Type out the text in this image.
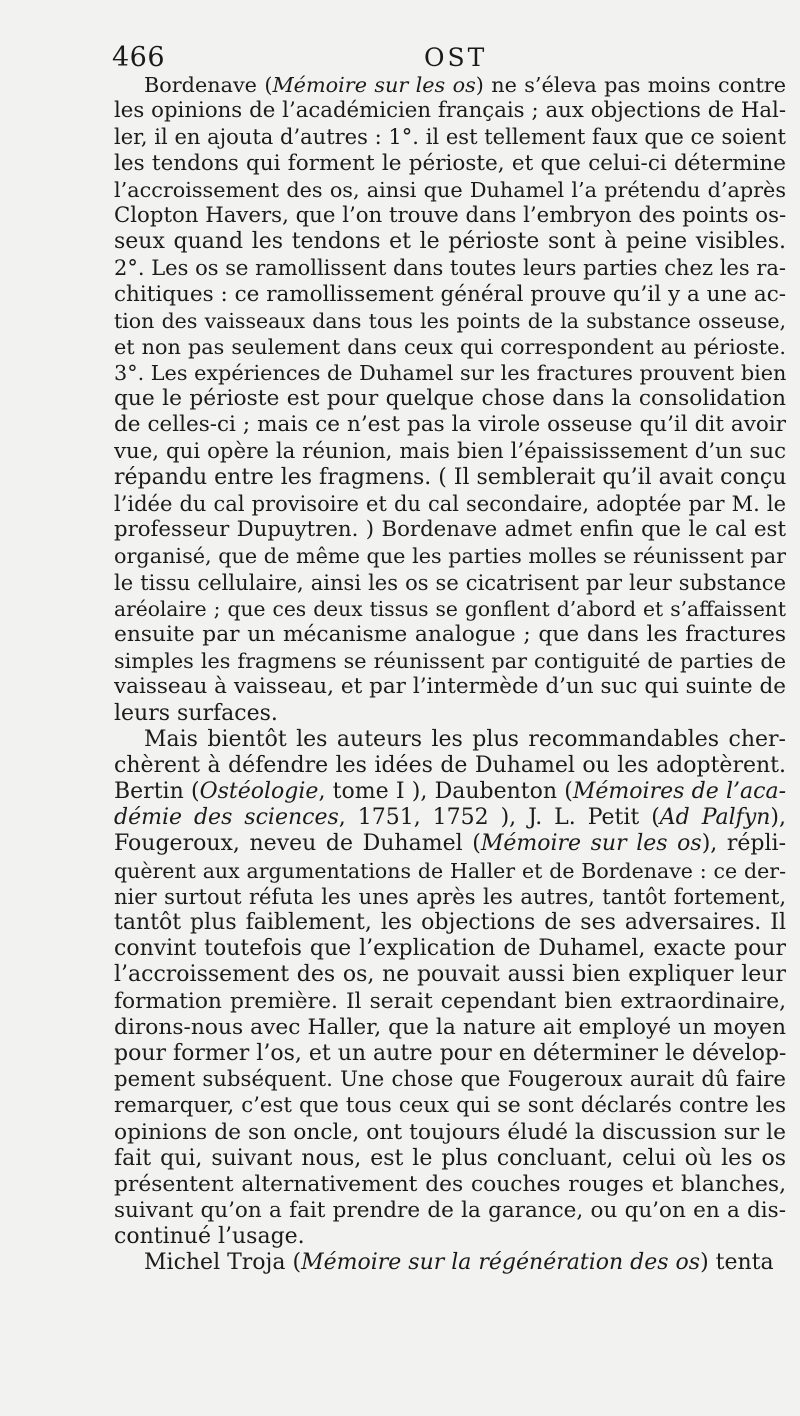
466	OST
Bordenave (Mémoire sur les os) ne s’éleva pas moins contre
les opinions de l’académicien français ; aux objections de Hal-
ler, il en ajouta d’autres : 1°. il est tellement faux que ce soient
les tendons qui forment le périoste, et que celui-ci détermine
l’accroissement des os, ainsi que Duhamel l’a prétendu d’après
Clopton Havers, que l’on trouve dans l’embryon des points os-
seux quand les tendons et le périoste sont à peine visibles.
2°. Les os se ramollissent dans toutes leurs parties chez les ra-
chitiques : ce ramollissement général prouve qu’il y a une ac-
tion des vaisseaux dans tous les points de la substance osseuse,
et non pas seulement dans ceux qui correspondent au périoste.
3°. Les expériences de Duhamel sur les fractures prouvent bien
que le périoste est pour quelque chose dans la consolidation
de celles-ci ; mais ce n’est pas la virole osseuse qu’il dit avoir
vue, qui opère la réunion, mais bien l’épaississement d’un suc
répandu entre les fragmens. ( Il semblerait qu’il avait conçu
l’idée du cal provisoire et du cal secondaire, adoptée par M. le
professeur Dupuytren. ) Bordenave admet enfin que le cal est
organisé, que de même que les parties molles se réunissent par
le tissu cellulaire, ainsi les os se cicatrisent par leur substance
aréolaire ; que ces deux tissus se gonflent d’abord et s’affaissent
ensuite par un mécanisme analogue ; que dans les fractures
simples les fragmens se réunissent par contiguité de parties de
vaisseau à vaisseau, et par l’intermède d’un suc qui suinte de
leurs surfaces.
Mais bientôt les auteurs les plus recommandables cher-
chèrent à défendre les idées de Duhamel ou les adoptèrent.
Bertin (Ostéologie, tome I ), Daubenton (Mémoires de l’aca-
démie des sciences, 1751, 1752 ), J. L. Petit (Ad Palfyn),
Fougeroux, neveu de Duhamel (Mémoire sur les os), répli-
quèrent aux argumentations de Haller et de Bordenave : ce der-
nier surtout réfuta les unes après les autres, tantôt fortement,
tantôt plus faiblement, les objections de ses adversaires. Il
convint toutefois que l’explication de Duhamel, exacte pour
l’accroissement des os, ne pouvait aussi bien expliquer leur
formation première. Il serait cependant bien extraordinaire,
dirons-nous avec Haller, que la nature ait employé un moyen
pour former l’os, et un autre pour en déterminer le dévelop-
pement subséquent. Une chose que Fougeroux aurait dû faire
remarquer, c’est que tous ceux qui se sont déclarés contre les
opinions de son oncle, ont toujours éludé la discussion sur le
fait qui, suivant nous, est le plus concluant, celui où les os
présentent alternativement des couches rouges et blanches,
suivant qu’on a fait prendre de la garance, ou qu’on en a dis-
continué l’usage.
Michel Troja (Mémoire sur la régénération des os) tenta
